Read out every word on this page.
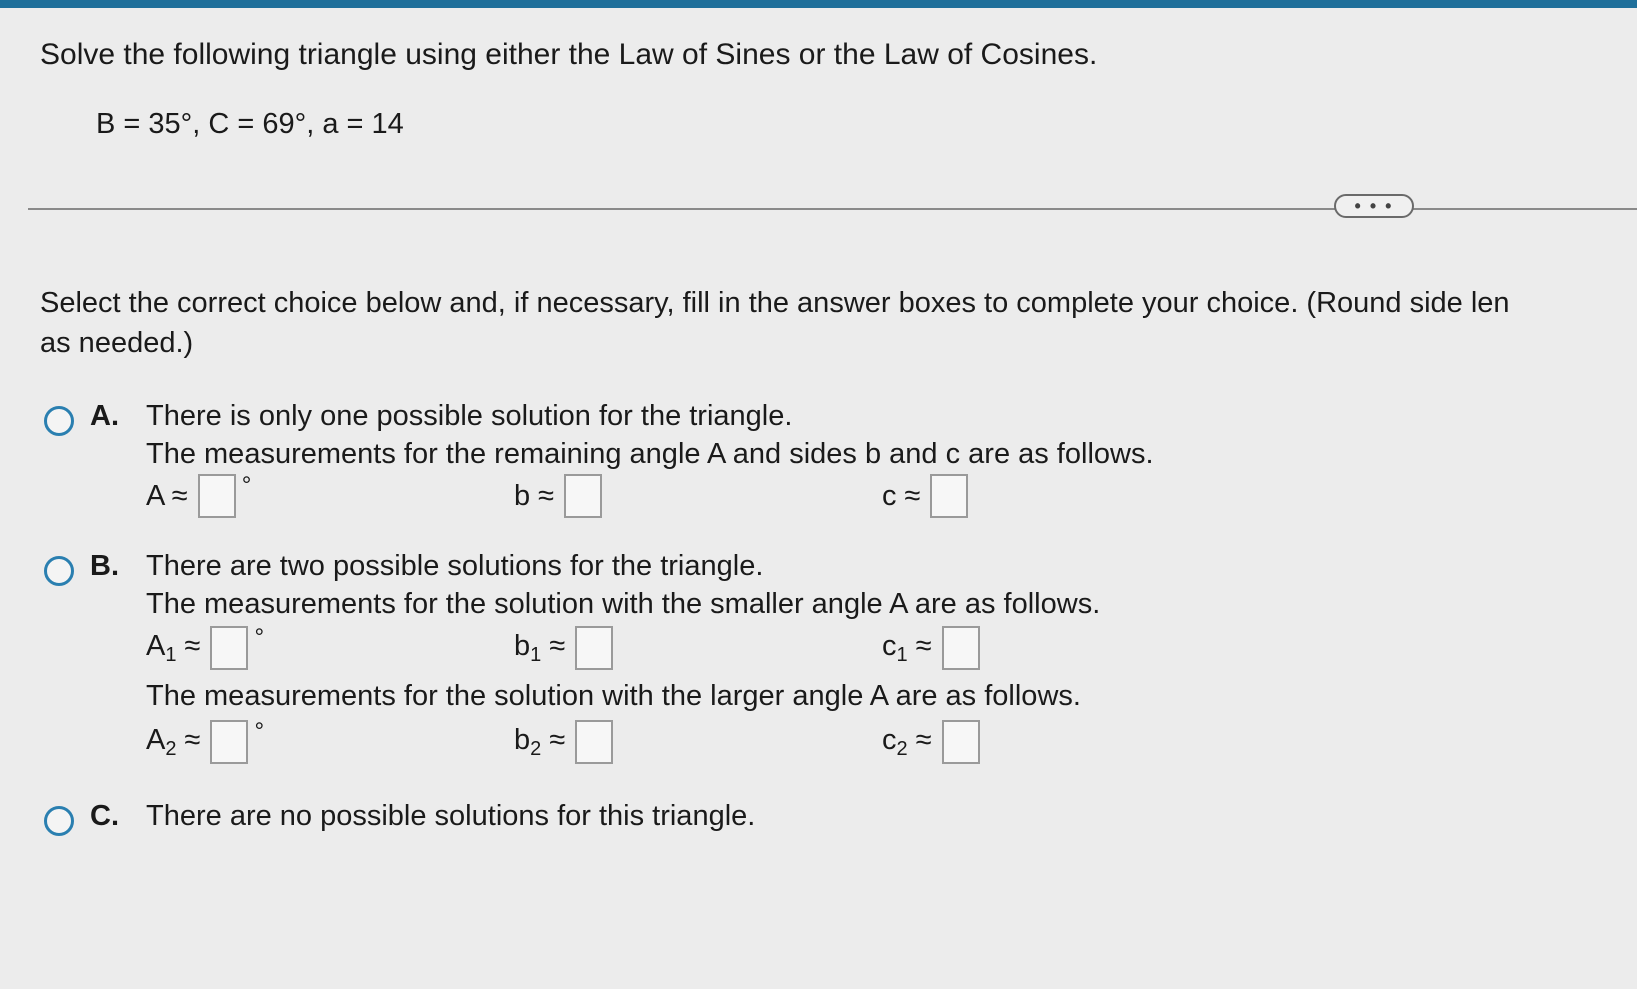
Solve the following triangle using either the Law of Sines or the Law of Cosines.
B = 35°, C = 69°, a = 14
• • •
Select the correct choice below and, if necessary, fill in the answer boxes to complete your choice. (Round side len
as needed.)
A. There is only one possible solution for the triangle.
The measurements for the remaining angle A and sides b and c are as follows.
A ≈ °	b ≈	c ≈
B. There are two possible solutions for the triangle.
The measurements for the solution with the smaller angle A are as follows.
$A_1$ ≈ °	$b_1$ ≈	$c_1$ ≈
The measurements for the solution with the larger angle A are as follows.
$A_2$ ≈ °	$b_2$ ≈	$c_2$ ≈
C. There are no possible solutions for this triangle.
